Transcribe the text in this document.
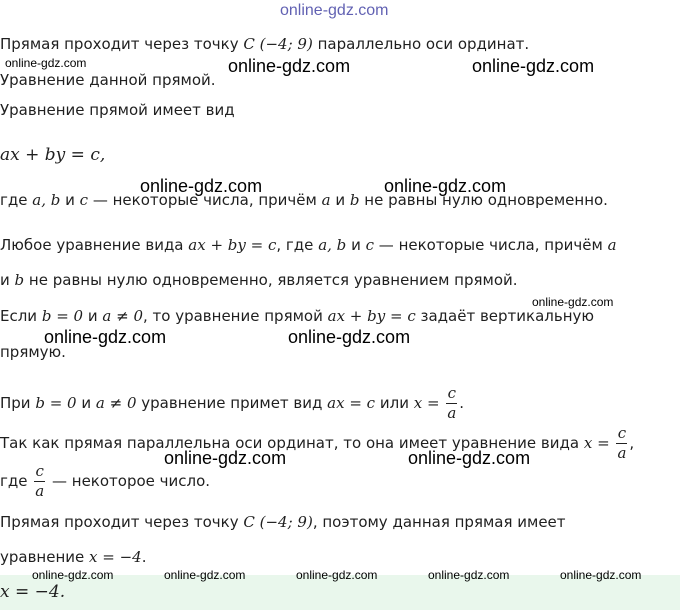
online-gdz.com
Прямая проходит через точку C (−4; 9) параллельно оси ординат.
online-gdz.com	online-gdz.com	online-gdz.com
Уравнение данной прямой.
Уравнение прямой имеет вид
ax + by = c,
online-gdz.com	online-gdz.com
где a, b и c — некоторые числа, причём a и b не равны нулю одновременно.
Любое уравнение вида ax + by = c, где a, b и c — некоторые числа, причём a
и b не равны нулю одновременно, является уравнением прямой.
online-gdz.com
Если b = 0 и a ≠ 0, то уравнение прямой ax + by = c задаёт вертикальную
online-gdz.com	online-gdz.com
прямую.
При b = 0 и a ≠ 0 уравнение примет вид ax = c или $x = \frac{c}{a}$ .
Так как прямая параллельна оси ординат, то она имеет уравнение вида $x = \frac{c}{a}$ ,
online-gdz.com	online-gdz.com
где $\frac{c}{a}$ — некоторое число.
Прямая проходит через точку C (−4; 9), поэтому данная прямая имеет
уравнение x = −4.
x = −4.
online-gdz.com	online-gdz.com	online-gdz.com	online-gdz.com	online-gdz.com
